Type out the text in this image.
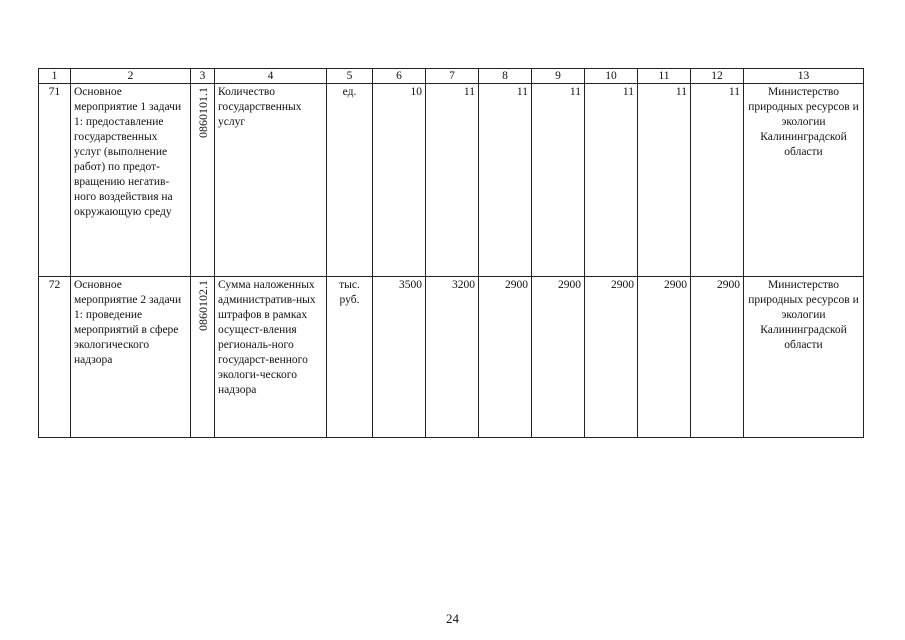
1	2	3	4	5	6	7	8	9	10	11	12	13
71	Основное мероприятие 1 задачи 1: предоставление государственных услуг (выполнение работ) по предот-вращению негатив-ного воздействия на окружающую среду	0860101.1	Количество государственных услуг	ед.	10	11	11	11	11	11	11	Министерство природных ресурсов и экологии Калининградской области
72	Основное мероприятие 2 задачи 1: проведение мероприятий в сфере экологического надзора	0860102.1	Сумма наложенных административ-ных штрафов в рамках осущест-вления региональ-ного государст-венного экологи-ческого надзора	тыс. руб.	3500	3200	2900	2900	2900	2900	2900	Министерство природных ресурсов и экологии Калининградской области
24
